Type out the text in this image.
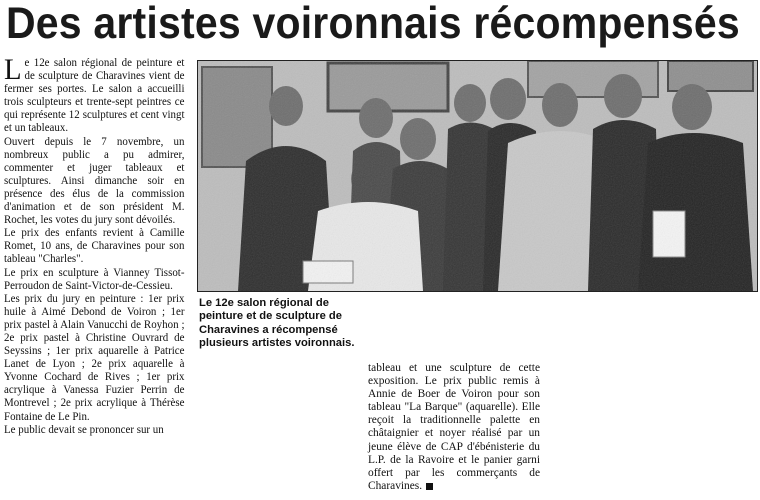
Des artistes voironnais récompensés

Le 12e salon régional de peinture et de sculpture de Charavines vient de fermer ses portes. Le salon a accueilli trois sculpteurs et trente-sept peintres ce qui représente 12 sculptures et cent vingt et un tableaux.

Ouvert depuis le 7 novembre, un nombreux public a pu admirer, commenter et juger tableaux et sculptures. Ainsi dimanche soir en présence des élus de la commission d'animation et de son président M. Rochet, les votes du jury sont dévoilés.

Le prix des enfants revient à Camille Romet, 10 ans, de Charavines pour son tableau "Charles".

Le prix en sculpture à Vianney Tissot-Perroudon de Saint-Victor-de-Cessieu.

Les prix du jury en peinture : 1er prix huile à Aimé Debond de Voiron ; 1er prix pastel à Alain Vanucchi de Royhon ; 2e prix pastel à Christine Ouvrard de Seyssins ; 1er prix aquarelle à Patrice Lanet de Lyon ; 2e prix aquarelle à Yvonne Cochard de Rives ; 1er prix acrylique à Vanessa Fuzier Perrin de Montrevel ; 2e prix acrylique à Thérèse Fontaine de Le Pin.

Le public devait se prononcer sur un

Le 12e salon régional de peinture et de sculpture de Charavines a récompensé plusieurs artistes voironnais.

tableau et une sculpture de cette exposition. Le prix public remis à Annie de Boer de Voiron pour son tableau "La Barque" (aquarelle). Elle reçoit la traditionnelle palette en châtaignier et noyer réalisé par un jeune élève de CAP d'ébénisterie du L.P. de la Ravoire et le panier garni offert par les commerçants de Charavines.
